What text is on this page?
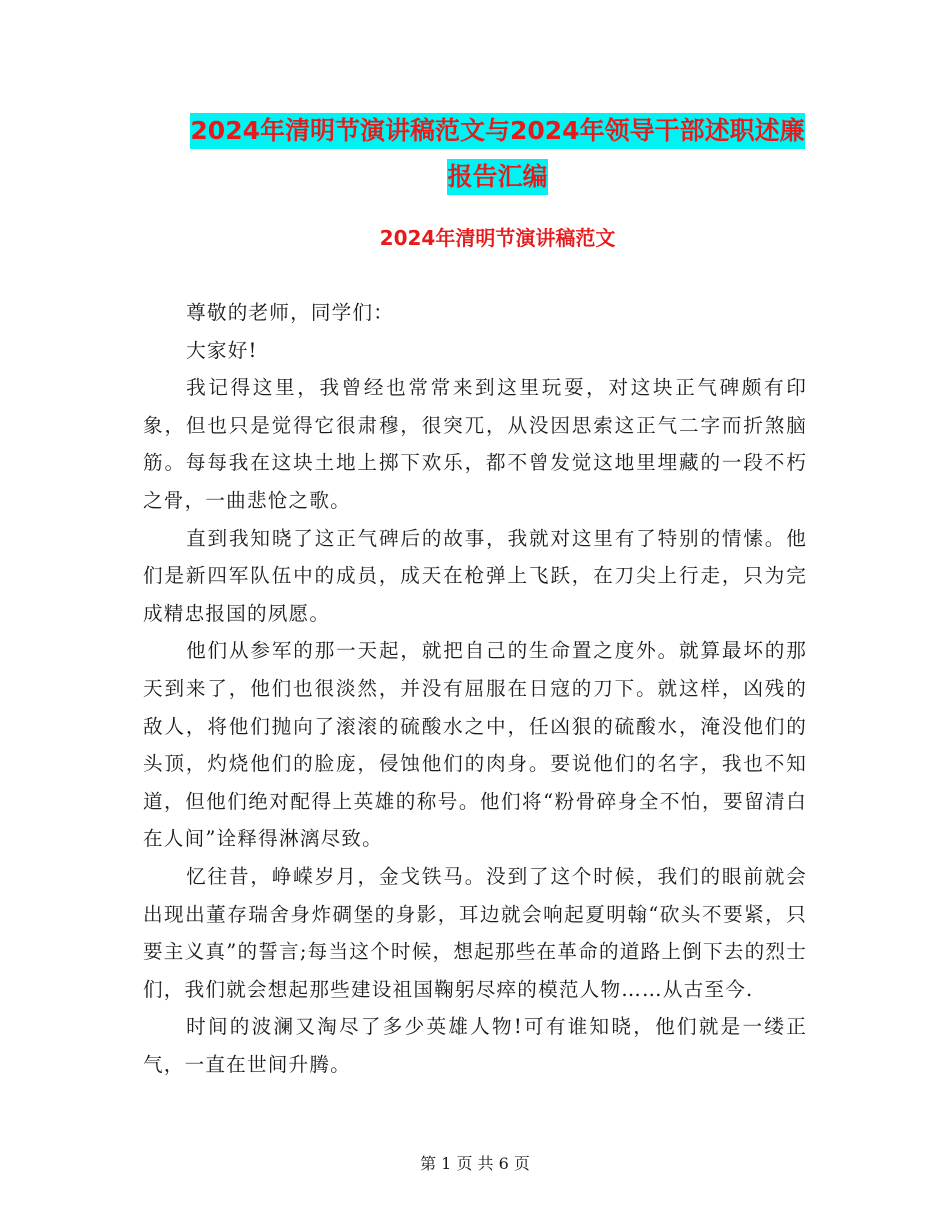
2024年清明节演讲稿范文与2024年领导干部述职述廉
报告汇编
2024年清明节演讲稿范文

尊敬的老师，同学们：

大家好!

我记得这里，我曾经也常常来到这里玩耍，对这块正气碑颇有印象，但也只是觉得它很肃穆，很突兀，从没因思索这正气二字而折煞脑筋。每每我在这块土地上掷下欢乐，都不曾发觉这地里埋藏的一段不朽之骨，一曲悲怆之歌。

直到我知晓了这正气碑后的故事，我就对这里有了特别的情愫。他们是新四军队伍中的成员，成天在枪弹上飞跃，在刀尖上行走，只为完成精忠报国的夙愿。

他们从参军的那一天起，就把自己的生命置之度外。就算最坏的那天到来了，他们也很淡然，并没有屈服在日寇的刀下。就这样，凶残的敌人，将他们抛向了滚滚的硫酸水之中，任凶狠的硫酸水，淹没他们的头顶，灼烧他们的脸庞，侵蚀他们的肉身。要说他们的名字，我也不知道，但他们绝对配得上英雄的称号。他们将“粉骨碎身全不怕，要留清白在人间”诠释得淋漓尽致。

忆往昔，峥嵘岁月，金戈铁马。没到了这个时候，我们的眼前就会出现出董存瑞舍身炸碉堡的身影，耳边就会响起夏明翰“砍头不要紧，只要主义真”的誓言;每当这个时候，想起那些在革命的道路上倒下去的烈士们，我们就会想起那些建设祖国鞠躬尽瘁的模范人物……从古至今.

时间的波澜又淘尽了多少英雄人物!可有谁知晓，他们就是一缕正气，一直在世间升腾。

第 1 页 共 6 页
